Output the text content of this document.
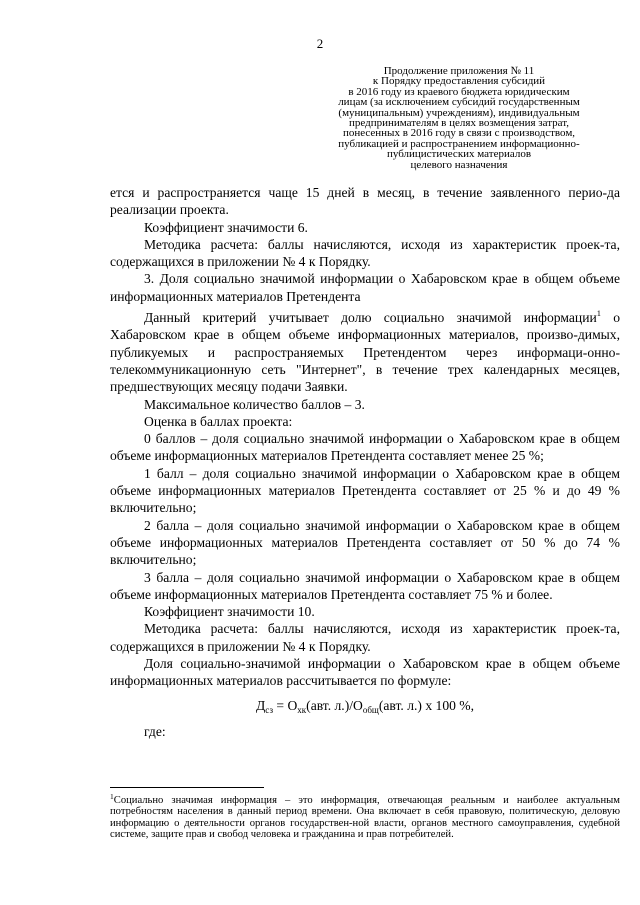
2
Продолжение приложения № 11
к Порядку предоставления субсидий
в 2016 году из краевого бюджета юридическим
лицам (за исключением субсидий государственным
(муниципальным) учреждениям), индивидуальным
предпринимателям в целях возмещения затрат,
понесенных в 2016 году в связи с производством,
публикацией и распространением информационно-
публицистических материалов
целевого назначения

ется и распространяется чаще 15 дней в месяц, в течение заявленного перио-да реализации проекта.

Коэффициент значимости 6.

Методика расчета: баллы начисляются, исходя из характеристик проек-та, содержащихся в приложении № 4 к Порядку.

3. Доля социально значимой информации о Хабаровском крае в общем объеме информационных материалов Претендента

Данный критерий учитывает долю социально значимой информации$^1$ о Хабаровском крае в общем объеме информационных материалов, произво-димых, публикуемых и распространяемых Претендентом через информаци-онно-телекоммуникационную сеть "Интернет", в течение трех календарных месяцев, предшествующих месяцу подачи Заявки.

Максимальное количество баллов – 3.

Оценка в баллах проекта:

0 баллов – доля социально значимой информации о Хабаровском крае в общем объеме информационных материалов Претендента составляет менее 25 %;

1 балл – доля социально значимой информации о Хабаровском крае в общем объеме информационных материалов Претендента составляет от 25 % и до 49 % включительно;

2 балла – доля социально значимой информации о Хабаровском крае в общем объеме информационных материалов Претендента составляет от 50 % до 74 % включительно;

3 балла – доля социально значимой информации о Хабаровском крае в общем объеме информационных материалов Претендента составляет 75 % и более.

Коэффициент значимости 10.

Методика расчета: баллы начисляются, исходя из характеристик проек-та, содержащихся в приложении № 4 к Порядку.

Доля социально-значимой информации о Хабаровском крае в общем объеме информационных материалов рассчитывается по формуле:

$Д_{сз} = О_{хк}(авт$. $л.)/О_{общ}(авт$. л.) х 100 %,

где:

$^1$Социально значимая информация – это информация, отвечающая реальным и наиболее актуальным потребностям населения в данный период времени. Она включает в себя правовую, политическую, деловую информацию о деятельности органов государствен-ной власти, органов местного самоуправления, судебной системе, защите прав и свобод человека и гражданина и прав потребителей.
